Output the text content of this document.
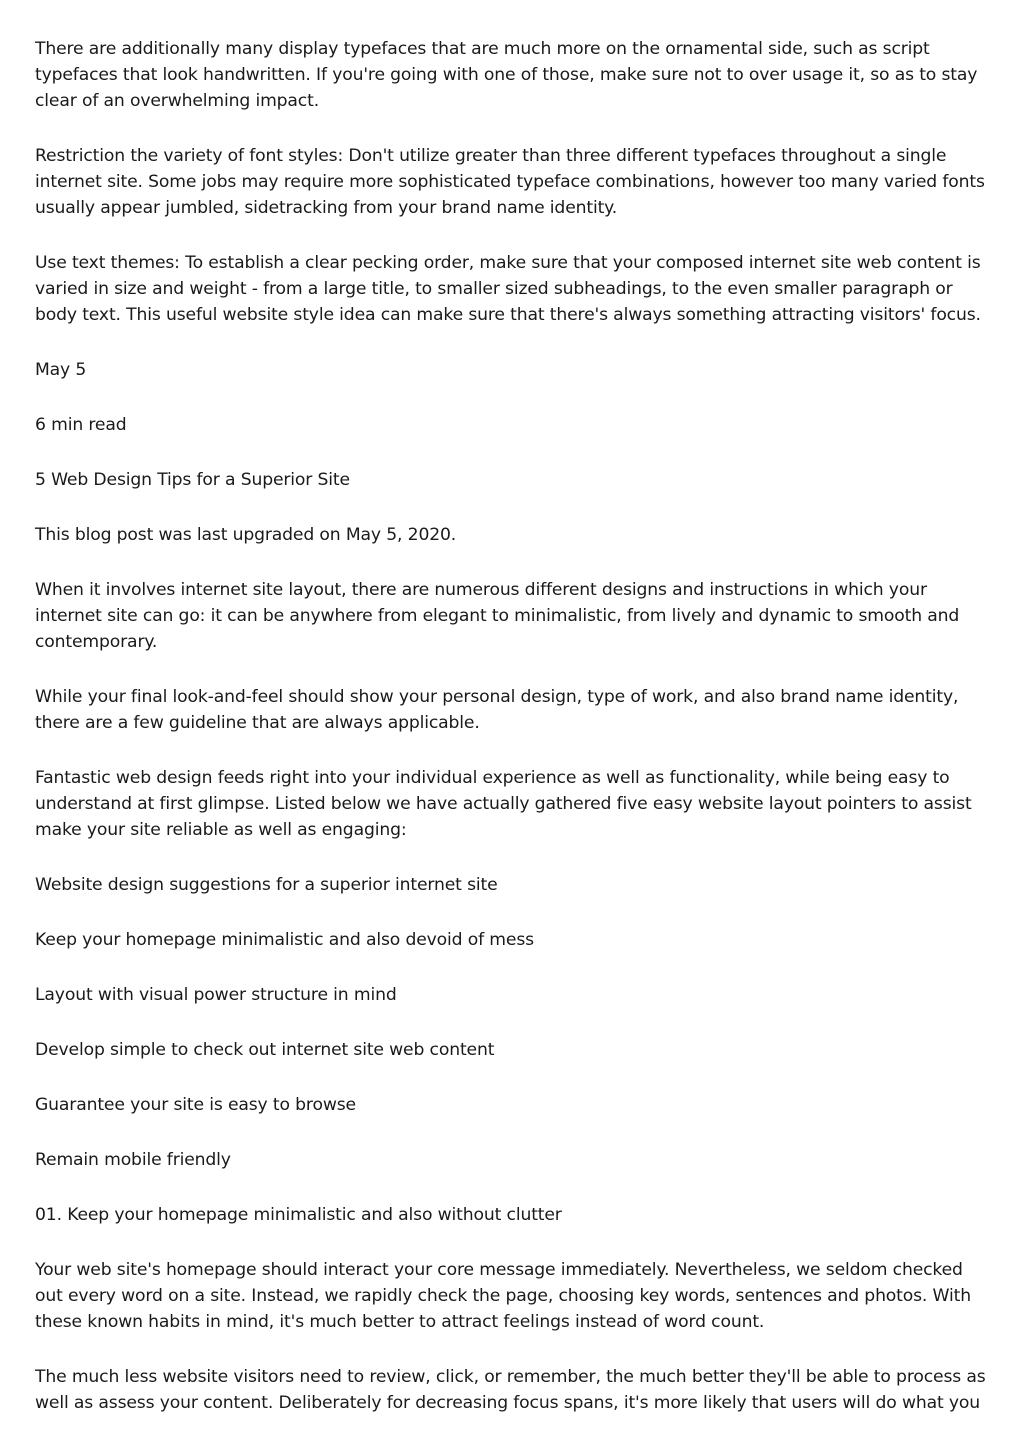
There are additionally many display typefaces that are much more on the ornamental side, such as script typefaces that look handwritten. If you're going with one of those, make sure not to over usage it, so as to stay clear of an overwhelming impact.

Restriction the variety of font styles: Don't utilize greater than three different typefaces throughout a single internet site. Some jobs may require more sophisticated typeface combinations, however too many varied fonts usually appear jumbled, sidetracking from your brand name identity.

Use text themes: To establish a clear pecking order, make sure that your composed internet site web content is varied in size and weight - from a large title, to smaller sized subheadings, to the even smaller paragraph or body text. This useful website style idea can make sure that there's always something attracting visitors' focus.

May 5

6 min read

5 Web Design Tips for a Superior Site

This blog post was last upgraded on May 5, 2020.

When it involves internet site layout, there are numerous different designs and instructions in which your internet site can go: it can be anywhere from elegant to minimalistic, from lively and dynamic to smooth and contemporary.

While your final look-and-feel should show your personal design, type of work, and also brand name identity, there are a few guideline that are always applicable.

Fantastic web design feeds right into your individual experience as well as functionality, while being easy to understand at first glimpse. Listed below we have actually gathered five easy website layout pointers to assist make your site reliable as well as engaging:

Website design suggestions for a superior internet site

Keep your homepage minimalistic and also devoid of mess

Layout with visual power structure in mind

Develop simple to check out internet site web content

Guarantee your site is easy to browse

Remain mobile friendly

01. Keep your homepage minimalistic and also without clutter

Your web site's homepage should interact your core message immediately. Nevertheless, we seldom checked out every word on a site. Instead, we rapidly check the page, choosing key words, sentences and photos. With these known habits in mind, it's much better to attract feelings instead of word count.

The much less website visitors need to review, click, or remember, the much better they'll be able to process as well as assess your content. Deliberately for decreasing focus spans, it's more likely that users will do what you
